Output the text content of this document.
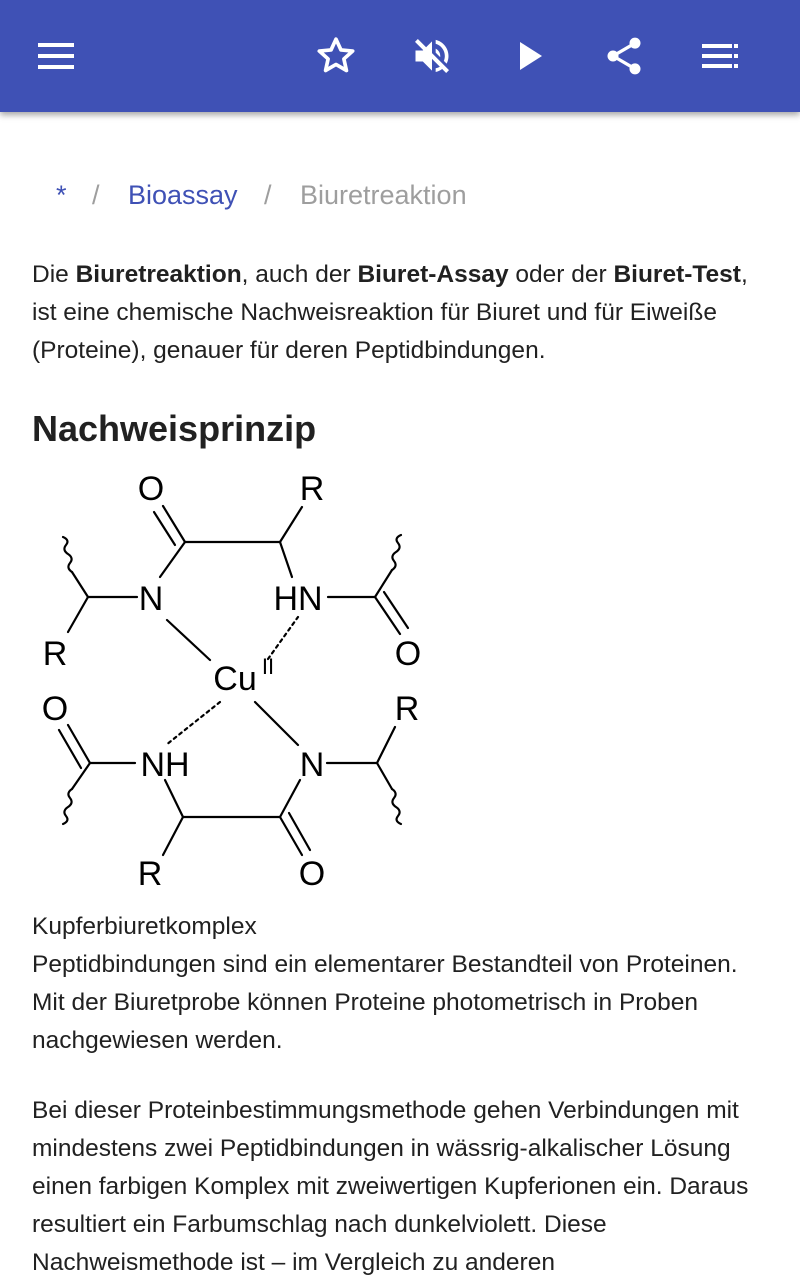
* / Bioassay / Biuretreaktion

Die Biuretreaktion, auch der Biuret-Assay oder der Biuret-Test, ist eine chemische Nachweisreaktion für Biuret und für Eiweiße (Proteine), genauer für deren Peptidbindungen.

Nachweisprinzip
O	R
N	HN
R	O
Cu II
O	R
NH	N
R	O
Kupferbiuretkomplex

Peptidbindungen sind ein elementarer Bestandteil von Proteinen. Mit der Biuretprobe können Proteine photometrisch in Proben nachgewiesen werden.

Bei dieser Proteinbestimmungsmethode gehen Verbindungen mit mindestens zwei Peptidbindungen in wässrig-alkalischer Lösung einen farbigen Komplex mit zweiwertigen Kupferionen ein. Daraus resultiert ein Farbumschlag nach dunkelviolett. Diese Nachweismethode ist – im Vergleich zu anderen
